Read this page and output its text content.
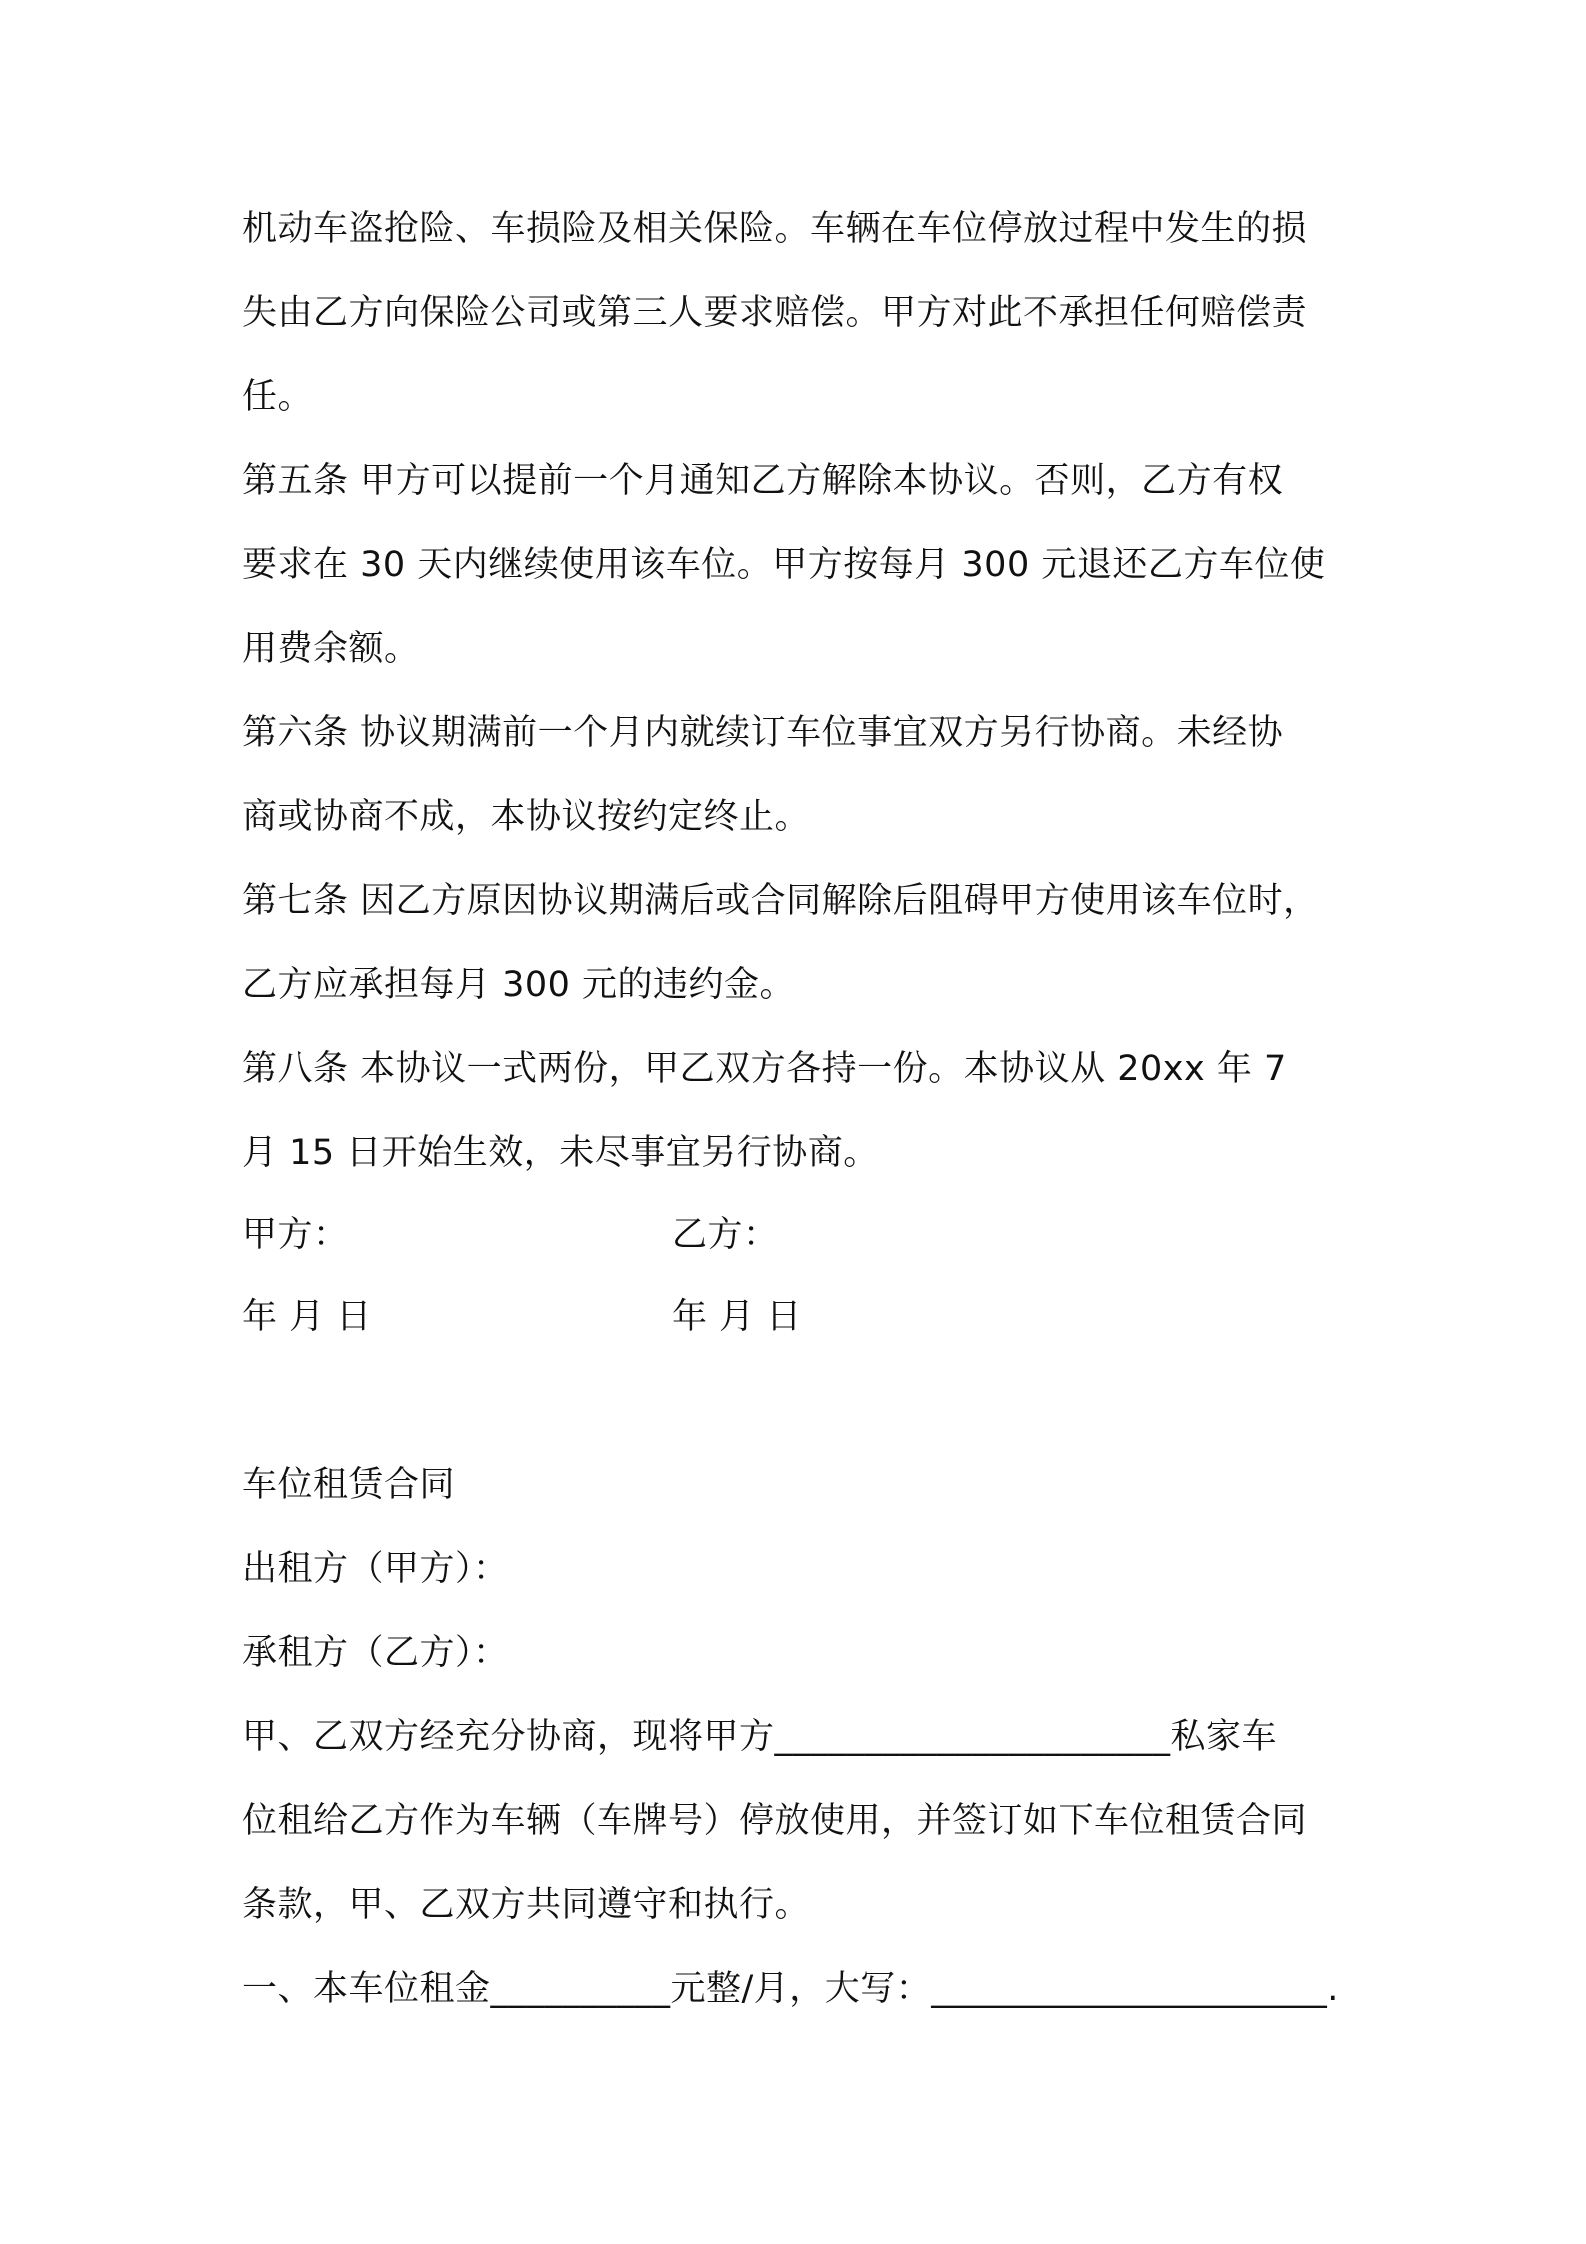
机动车盗抢险、车损险及相关保险。车辆在车位停放过程中发生的损
失由乙方向保险公司或第三人要求赔偿。甲方对此不承担任何赔偿责
任。
第五条 甲方可以提前一个月通知乙方解除本协议。否则，乙方有权
要求在 30 天内继续使用该车位。甲方按每月 300 元退还乙方车位使
用费余额。
第六条 协议期满前一个月内就续订车位事宜双方另行协商。未经协
商或协商不成，本协议按约定终止。
第七条 因乙方原因协议期满后或合同解除后阻碍甲方使用该车位时，
乙方应承担每月 300 元的违约金。
第八条 本协议一式两份，甲乙双方各持一份。本协议从 20xx 年 7
月 15 日开始生效，未尽事宜另行协商。
甲方：	乙方：
年 月 日	年 月 日
车位租赁合同
出租方（甲方）：
承租方（乙方）：
甲、乙双方经充分协商，现将甲方______________________私家车
位租给乙方作为车辆（车牌号）停放使用，并签订如下车位租赁合同
条款，甲、乙双方共同遵守和执行。
一、本车位租金__________元整/月，大写：______________________.
